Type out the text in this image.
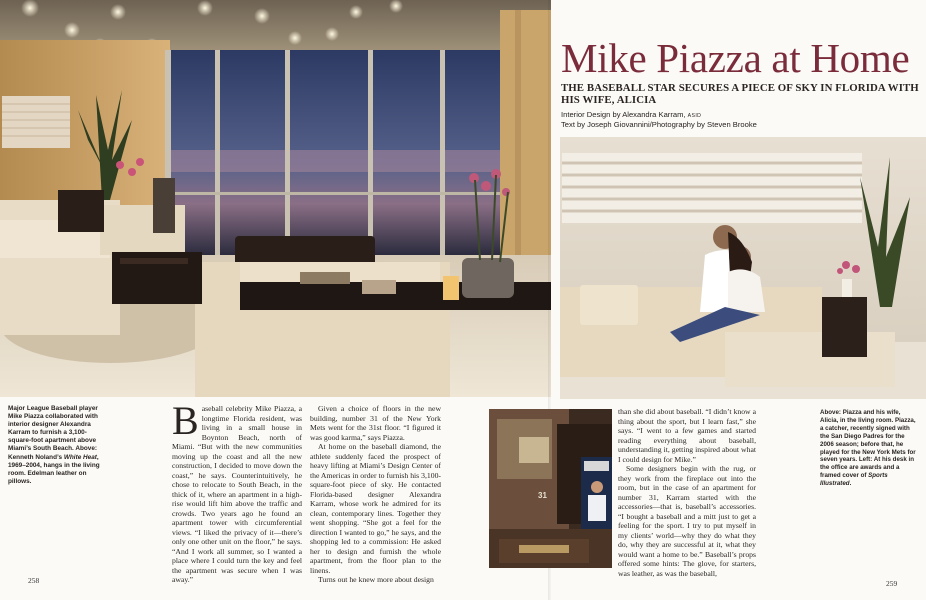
Major League Baseball player Mike Piazza collaborated with interior designer Alexandra Karram to furnish a 3,100-square-foot apartment above Miami’s South Beach. Above: Kenneth Noland’s White Heat, 1969–2004, hangs in the living room. Edelman leather on pillows.

Baseball celebrity Mike Piazza, a longtime Florida resident, was living in a small house in Boynton Beach, north of Miami. “But with the new communities moving up the coast and all the new construction, I decided to move down the coast,” he says. Counterintuitively, he chose to relocate to South Beach, in the thick of it, where an apartment in a high-rise would lift him above the traffic and crowds. Two years ago he found an apartment tower with circumferential views. “I liked the privacy of it—there’s only one other unit on the floor,” he says. “And I work all summer, so I wanted a place where I could turn the key and feel the apartment was secure when I was away.”

Given a choice of floors in the new building, number 31 of the New York Mets went for the 31st floor. “I figured it was good karma,” says Piazza.

At home on the baseball diamond, the athlete suddenly faced the prospect of heavy lifting at Miami’s Design Center of the Americas in order to furnish his 3,100-square-foot piece of sky. He contacted Florida-based designer Alexandra Karram, whose work he admired for its clean, contemporary lines. Together they went shopping. “She got a feel for the direction I wanted to go,” he says, and the shopping led to a commission: He asked her to design and furnish the whole apartment, from the floor plan to the linens.

Turns out he knew more about design

258
Mike Piazza at Home
THE BASEBALL STAR SECURES A PIECE OF SKY IN FLORIDA WITH HIS WIFE, ALICIA
Interior Design by Alexandra Karram, ASID
Text by Joseph Giovannini/Photography by Steven Brooke
31

than she did about baseball. “I didn’t know a thing about the sport, but I learn fast,” she says. “I went to a few games and started reading everything about baseball, understanding it, getting inspired about what I could design for Mike.”

Some designers begin with the rug, or they work from the fireplace out into the room, but in the case of an apartment for number 31, Karram started with the accessories—that is, baseball’s accessories. “I bought a baseball and a mitt just to get a feeling for the sport. I try to put myself in my clients’ world—why they do what they do, why they are successful at it, what they would want a home to be.” Baseball’s props offered some hints: The glove, for starters, was leather, as was the baseball,

Above: Piazza and his wife, Alicia, in the living room. Piazza, a catcher, recently signed with the San Diego Padres for the 2006 season; before that, he played for the New York Mets for seven years. Left: At his desk in the office are awards and a framed cover of Sports Illustrated.
259
